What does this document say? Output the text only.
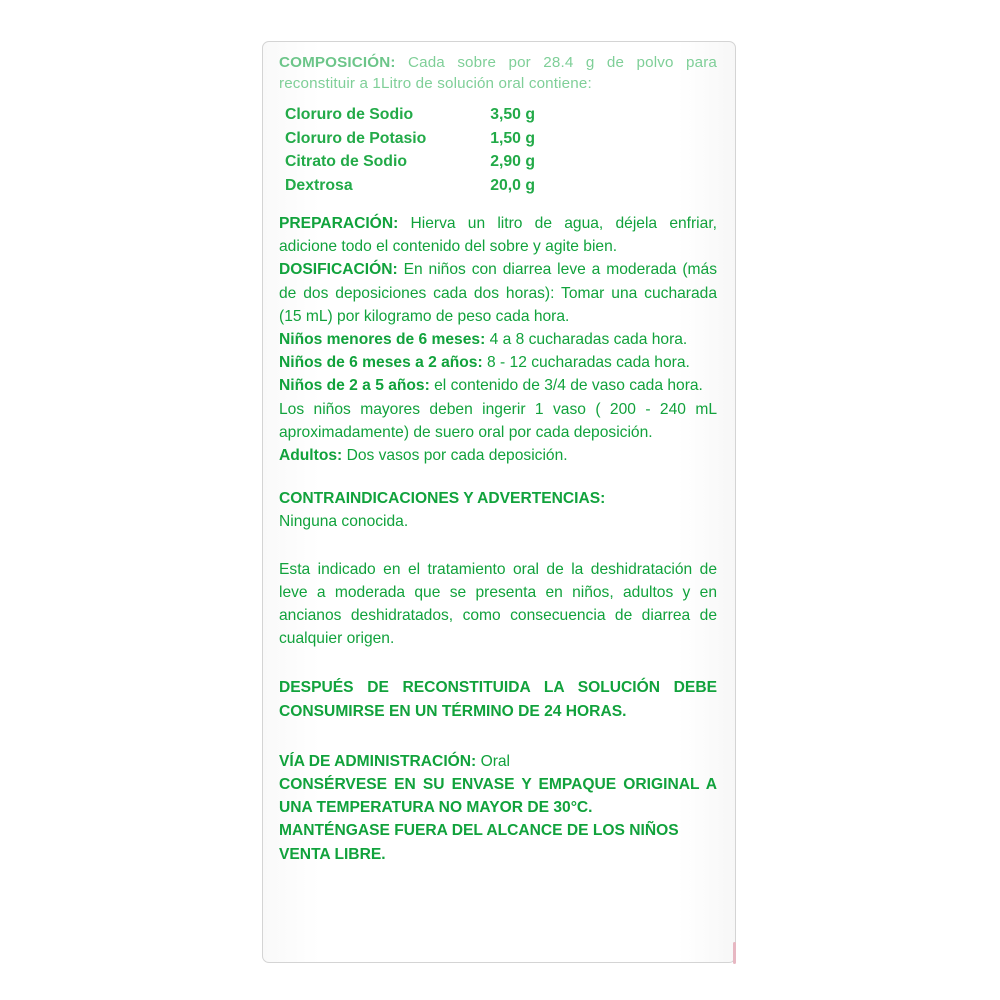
COMPOSICIÓN: Cada sobre por 28.4 g de polvo para reconstituir a 1Litro de solución oral contiene:
Cloruro de Sodio	3,50 g
Cloruro de Potasio	1,50 g
Citrato de Sodio	2,90 g
Dextrosa	20,0 g
PREPARACIÓN: Hierva un litro de agua, déjela enfriar, adicione todo el contenido del sobre y agite bien.
DOSIFICACIÓN: En niños con diarrea leve a moderada (más de dos deposiciones cada dos horas): Tomar una cucharada (15 mL) por kilogramo de peso cada hora.
Niños menores de 6 meses: 4 a 8 cucharadas cada hora.
Niños de 6 meses a 2 años: 8 - 12 cucharadas cada hora.
Niños de 2 a 5 años: el contenido de 3/4 de vaso cada hora.
Los niños mayores deben ingerir 1 vaso ( 200 - 240 mL aproximadamente) de suero oral por cada deposición.
Adultos: Dos vasos por cada deposición.
CONTRAINDICACIONES Y ADVERTENCIAS:
Ninguna conocida.
Esta indicado en el tratamiento oral de la deshidratación de leve a moderada que se presenta en niños, adultos y en ancianos deshidratados, como consecuencia de diarrea de cualquier origen.
DESPUÉS DE RECONSTITUIDA LA SOLUCIÓN DEBE CONSUMIRSE EN UN TÉRMINO DE 24 HORAS.
VÍA DE ADMINISTRACIÓN: Oral
CONSÉRVESE EN SU ENVASE Y EMPAQUE ORIGINAL A UNA TEMPERATURA NO MAYOR DE 30°C.
MANTÉNGASE FUERA DEL ALCANCE DE LOS NIÑOS
VENTA LIBRE.
